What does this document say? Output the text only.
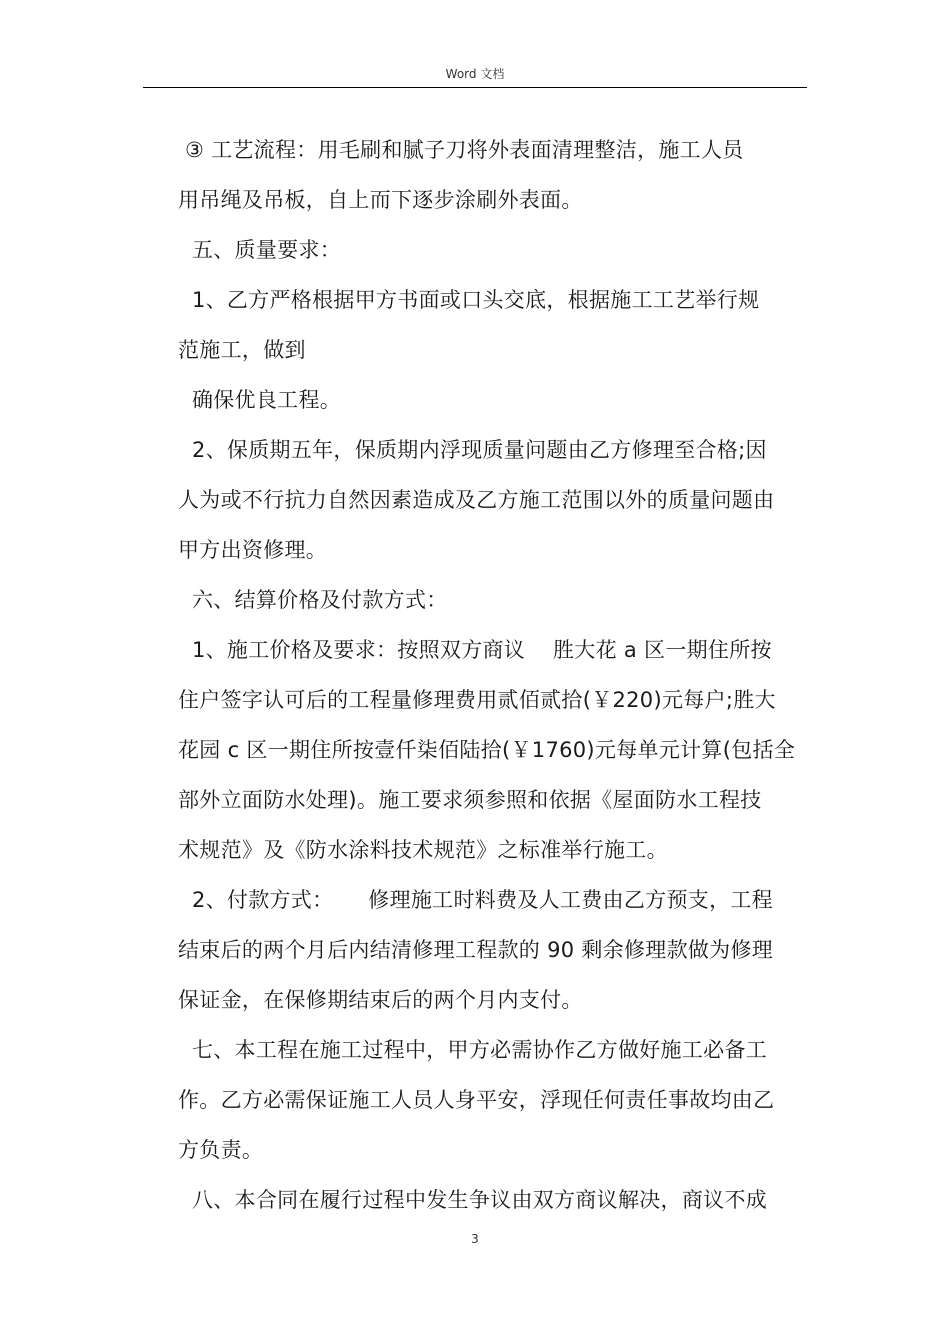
Word 文档
③ 工艺流程：用毛刷和腻子刀将外表面清理整洁，施工人员
用吊绳及吊板，自上而下逐步涂刷外表面。
五、质量要求：
1、乙方严格根据甲方书面或口头交底，根据施工工艺举行规
范施工，做到
确保优良工程。
2、保质期五年，保质期内浮现质量问题由乙方修理至合格;因
人为或不行抗力自然因素造成及乙方施工范围以外的质量问题由
甲方出资修理。
六、结算价格及付款方式：
1、施工价格及要求：按照双方商议    胜大花 a 区一期住所按
住户签字认可后的工程量修理费用贰佰贰拾(￥220)元每户;胜大
花园 c 区一期住所按壹仟柒佰陆拾(￥1760)元每单元计算(包括全
部外立面防水处理)。施工要求须参照和依据《屋面防水工程技
术规范》及《防水涂料技术规范》之标准举行施工。
2、付款方式：     修理施工时料费及人工费由乙方预支，工程
结束后的两个月后内结清修理工程款的 90 剩余修理款做为修理
保证金，在保修期结束后的两个月内支付。
七、本工程在施工过程中，甲方必需协作乙方做好施工必备工
作。乙方必需保证施工人员人身平安，浮现任何责任事故均由乙
方负责。
八、本合同在履行过程中发生争议由双方商议解决，商议不成
3
